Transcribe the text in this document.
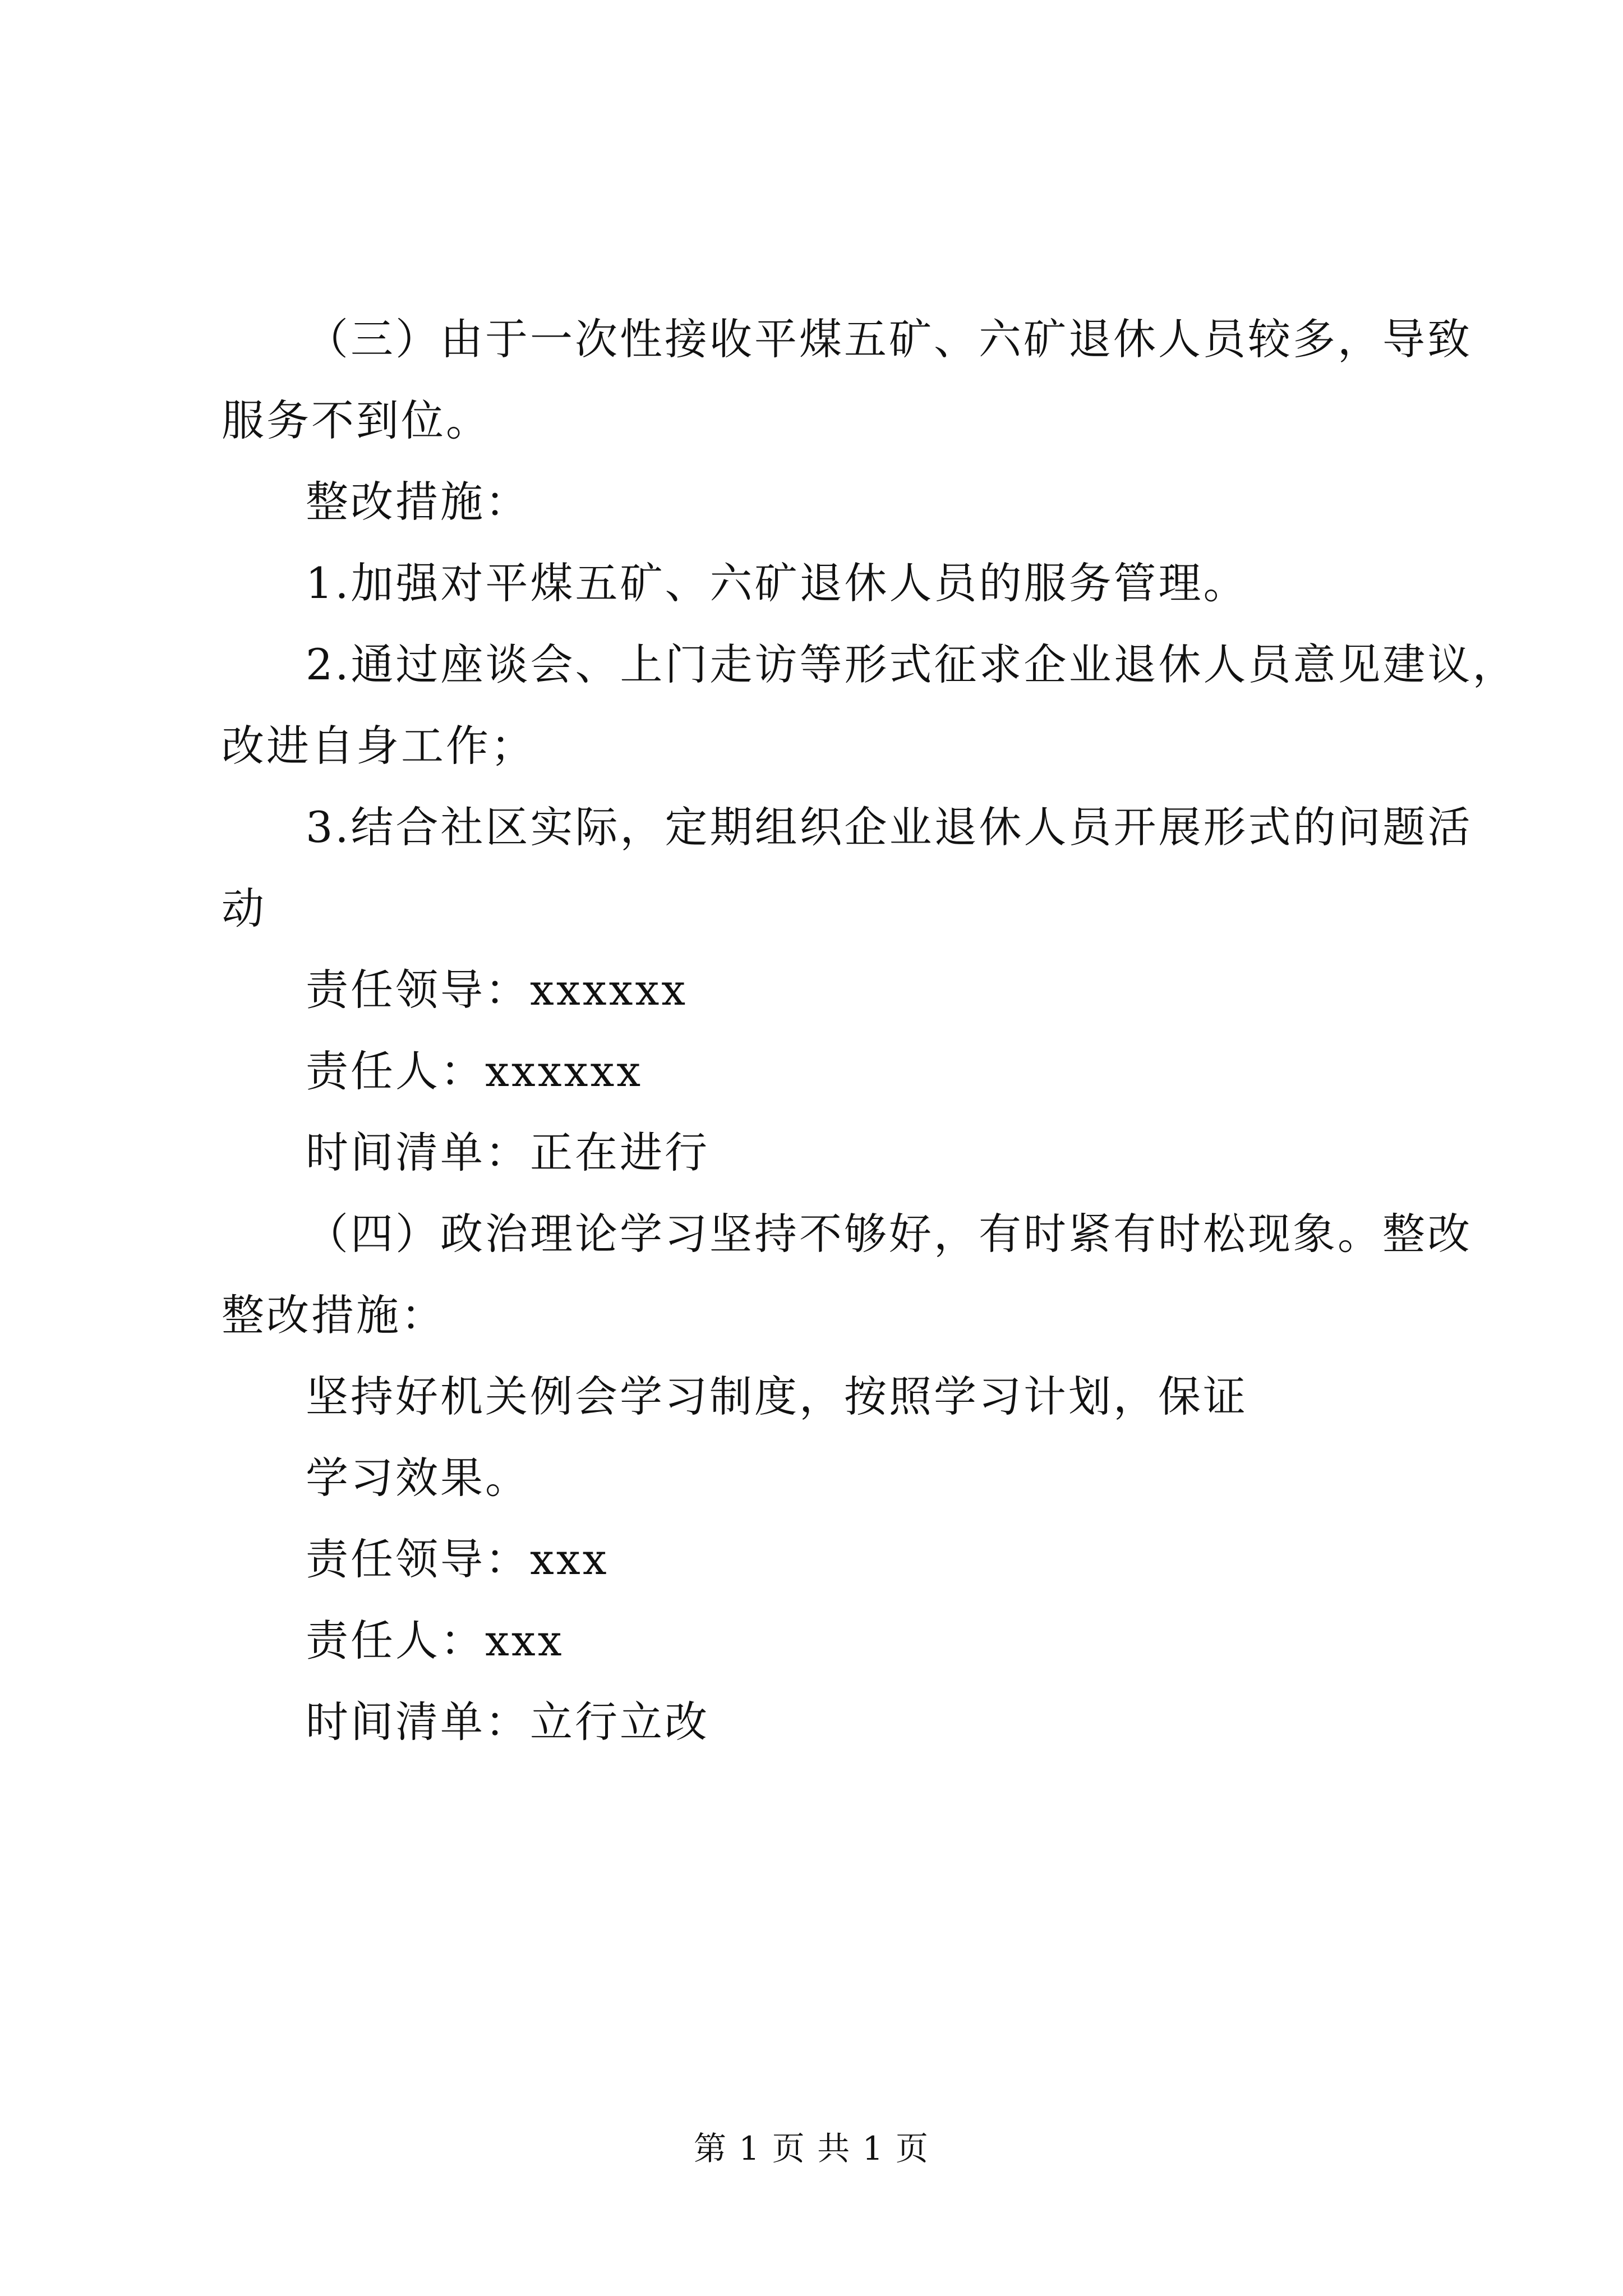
（三）由于一次性接收平煤五矿、六矿退休人员较多，导致
服务不到位。
整改措施：
1.加强对平煤五矿、六矿退休人员的服务管理。
2.通过座谈会、上门走访等形式征求企业退休人员意见建议，
改进自身工作；
3.结合社区实际，定期组织企业退休人员开展形式的问题活
动
责任领导：xxxxxx
责任人：xxxxxx
时间清单：正在进行
（四）政治理论学习坚持不够好，有时紧有时松现象。整改
整改措施：
坚持好机关例会学习制度，按照学习计划，保证
学习效果。
责任领导：xxx
责任人：xxx
时间清单：立行立改
第 1 页 共 1 页
